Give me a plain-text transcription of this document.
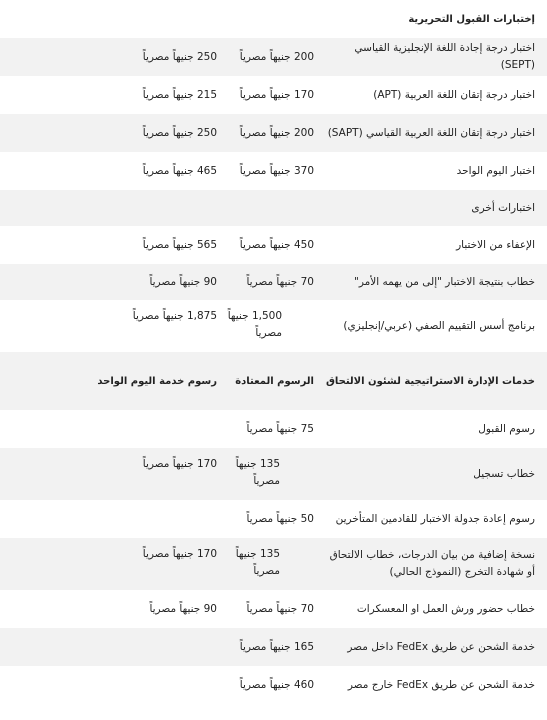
إختبارات القبول التحريرية
اختبار درجة إجادة اللغة الإنجليزية القياسي (SEPT)
200 جنيهاً مصرياً
250 جنيهاً مصرياً
اختبار درجة إتقان اللغة العربية (APT)
170 جنيهاً مصرياً
215 جنيهاً مصرياً
اختبار درجة إتقان اللغة العربية القياسي (SAPT)
200 جنيهاً مصرياً
250 جنيهاً مصرياً
اختبار اليوم الواحد
370 جنيهاً مصرياً
465 جنيهاً مصرياً
اختبارات أخرى
الإعفاء من الاختبار
450 جنيهاً مصرياً
565 جنيهاً مصرياً
خطاب بنتيجة الاختبار "إلى من يهمه الأمر"
70 جنيهاً مصرياً
90 جنيهاً مصرياً
برنامج أسس التقييم الصفي (عربي/إنجليزي)
1,500 جنيهاً مصرياً
1,875 جنيهاً مصرياً
خدمات الإدارة الاستراتيجية لشئون الالتحاق
الرسوم المعتادة
رسوم خدمة اليوم الواحد
رسوم القبول
75 جنيهاً مصرياً
خطاب تسجيل
135 جنيهاً مصرياً
170 جنيهاً مصرياً
رسوم إعادة جدولة الاختبار للقادمين المتأخرين
50 جنيهاً مصرياً
نسخة إضافية من بيان الدرجات، خطاب الالتحاق أو شهادة التخرج (النموذج الحالي)
135 جنيهاً مصرياً
170 جنيهاً مصرياً
خطاب حضور ورش العمل او المعسكرات
70 جنيهاً مصرياً
90 جنيهاً مصرياً
خدمة الشحن عن طريق FedEx داخل مصر
165 جنيهاً مصرياً
خدمة الشحن عن طريق FedEx خارج مصر
460 جنيهاً مصرياً
